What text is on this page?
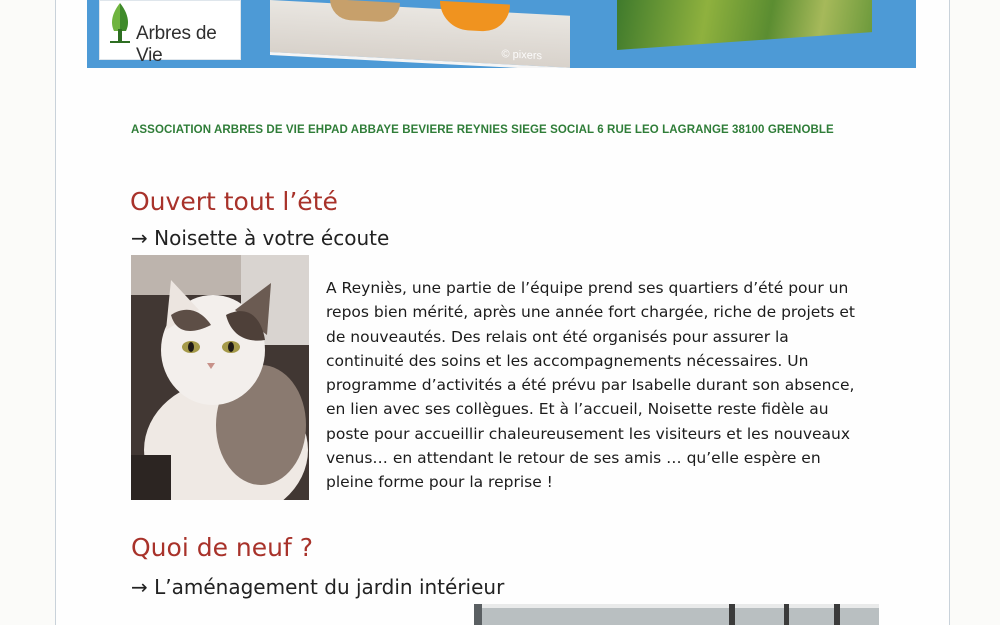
Arbres de Vie	© pixers
ASSOCIATION ARBRES DE VIE EHPAD ABBAYE BEVIERE REYNIES SIEGE SOCIAL 6 RUE LEO LAGRANGE 38100 GRENOBLE
Ouvert tout l’été
→ Noisette à votre écoute

A Reyniès, une partie de l’équipe prend ses quartiers d’été pour un repos bien mérité, après une année fort chargée, riche de projets et de nouveautés. Des relais ont été organisés pour assurer la continuité des soins et les accompagnements nécessaires. Un programme d’activités a été prévu par Isabelle durant son absence, en lien avec ses collègues. Et à l’accueil, Noisette reste fidèle au poste pour accueillir chaleureusement les visiteurs et les nouveaux venus… en attendant le retour de ses amis … qu’elle espère en pleine forme pour la reprise !

Quoi de neuf ?
→ L’aménagement du jardin intérieur
